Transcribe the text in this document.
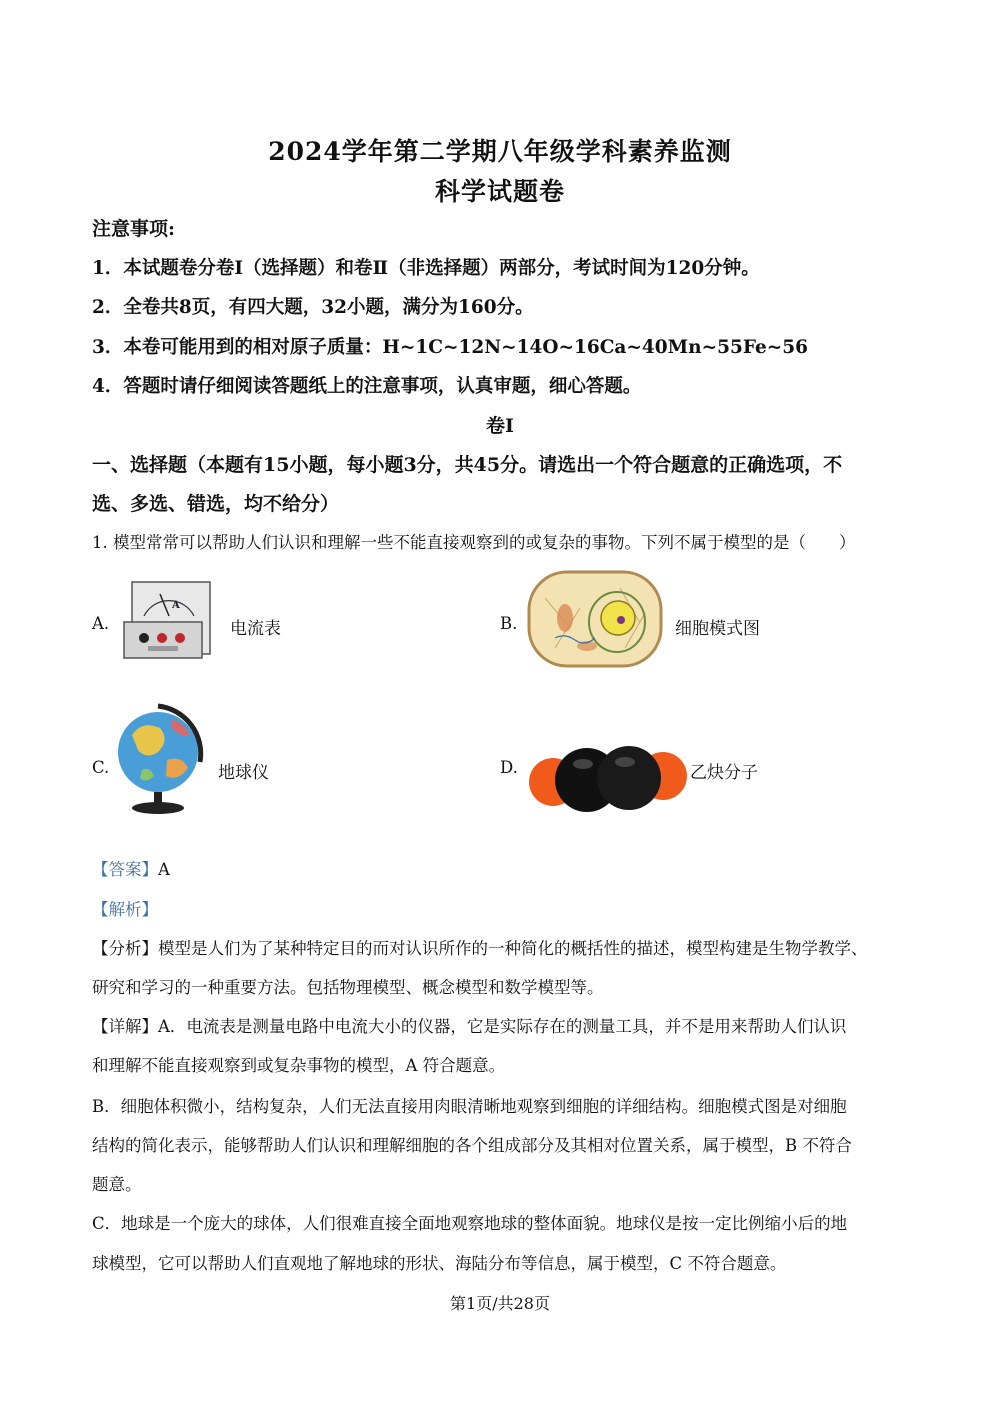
2024学年第二学期八年级学科素养监测
科学试题卷
注意事项:
1．本试题卷分卷Ⅰ（选择题）和卷Ⅱ（非选择题）两部分，考试时间为120分钟。
2．全卷共8页，有四大题，32小题，满分为160分。
3．本卷可能用到的相对原子质量：H~1C~12N~14O~16Ca~40Mn~55Fe~56
4．答题时请仔细阅读答题纸上的注意事项，认真审题，细心答题。
卷I
一、选择题（本题有15小题，每小题3分，共45分。请选出一个符合题意的正确选项，不
选、多选、错选，均不给分）
1. 模型常常可以帮助人们认识和理解一些不能直接观察到的或复杂的事物。下列不属于模型的是（　　）
A.
A
电流表	B.	细胞模式图
C.	地球仪	D.	乙炔分子
【答案】A
【解析】
【分析】模型是人们为了某种特定目的而对认识所作的一种简化的概括性的描述，模型构建是生物学教学、
研究和学习的一种重要方法。包括物理模型、概念模型和数学模型等。
【详解】A．电流表是测量电路中电流大小的仪器，它是实际存在的测量工具，并不是用来帮助人们认识
和理解不能直接观察到或复杂事物的模型，A 符合题意。
B．细胞体积微小，结构复杂，人们无法直接用肉眼清晰地观察到细胞的详细结构。细胞模式图是对细胞
结构的简化表示，能够帮助人们认识和理解细胞的各个组成部分及其相对位置关系，属于模型，B 不符合
题意。
C．地球是一个庞大的球体，人们很难直接全面地观察地球的整体面貌。地球仪是按一定比例缩小后的地
球模型，它可以帮助人们直观地了解地球的形状、海陆分布等信息，属于模型，C 不符合题意。
第1页/共28页
